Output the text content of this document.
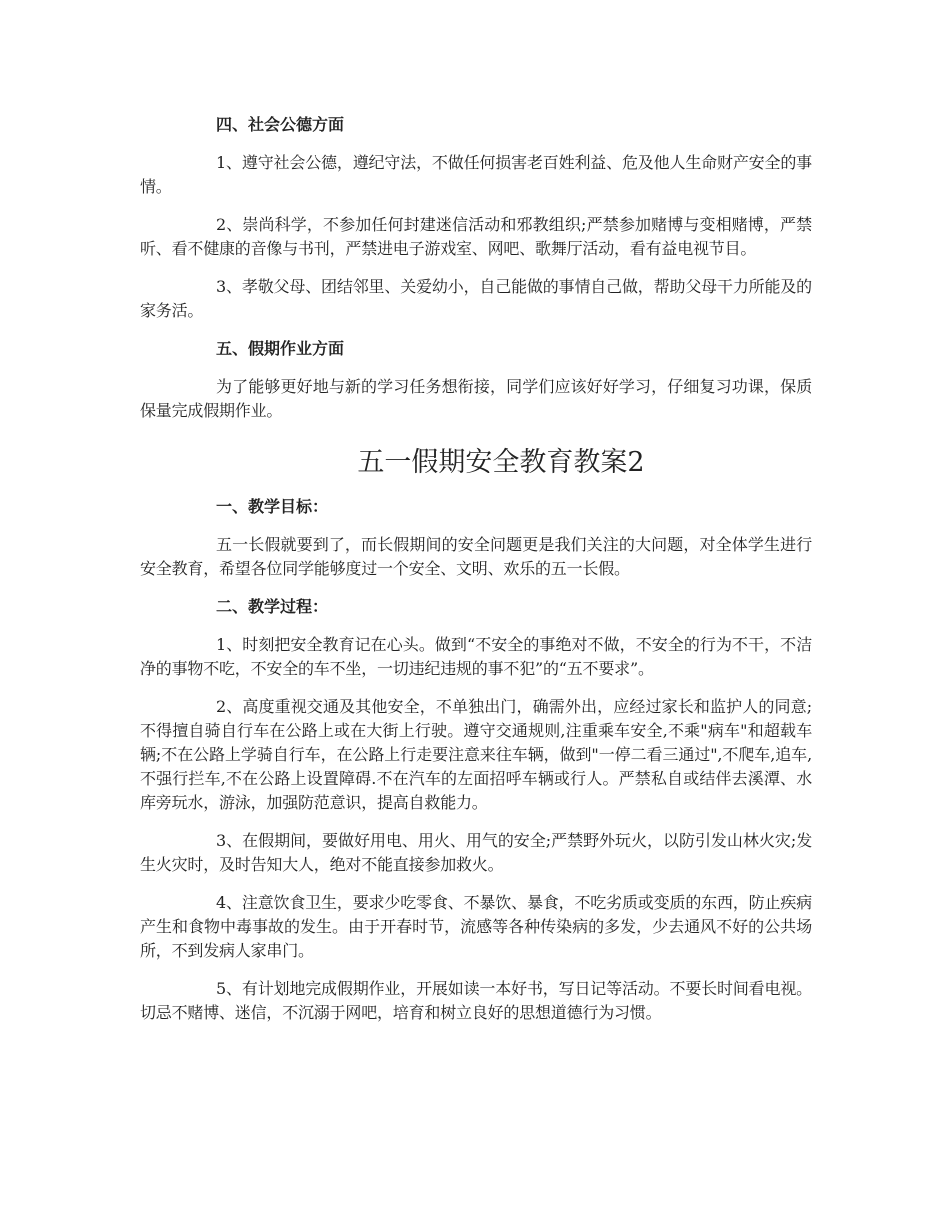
四、社会公德方面

1、遵守社会公德，遵纪守法，不做任何损害老百姓利益、危及他人生命财产安全的事情。

2、崇尚科学，不参加任何封建迷信活动和邪教组织;严禁参加赌博与变相赌博，严禁听、看不健康的音像与书刊，严禁进电子游戏室、网吧、歌舞厅活动，看有益电视节目。

3、孝敬父母、团结邻里、关爱幼小，自己能做的事情自己做，帮助父母干力所能及的家务活。

五、假期作业方面

为了能够更好地与新的学习任务想衔接，同学们应该好好学习，仔细复习功课，保质保量完成假期作业。

五一假期安全教育教案2
一、教学目标：

五一长假就要到了，而长假期间的安全问题更是我们关注的大问题，对全体学生进行安全教育，希望各位同学能够度过一个安全、文明、欢乐的五一长假。

二、教学过程：

1、时刻把安全教育记在心头。做到“不安全的事绝对不做，不安全的行为不干，不洁净的事物不吃，不安全的车不坐，一切违纪违规的事不犯”的“五不要求”。

2、高度重视交通及其他安全，不单独出门，确需外出，应经过家长和监护人的同意;不得擅自骑自行车在公路上或在大街上行驶。遵守交通规则,注重乘车安全,不乘"病车"和超载车辆;不在公路上学骑自行车，在公路上行走要注意来往车辆，做到"一停二看三通过",不爬车,追车,不强行拦车,不在公路上设置障碍.不在汽车的左面招呼车辆或行人。严禁私自或结伴去溪潭、水库旁玩水，游泳，加强防范意识，提高自救能力。

3、在假期间，要做好用电、用火、用气的安全;严禁野外玩火，以防引发山林火灾;发生火灾时，及时告知大人，绝对不能直接参加救火。

4、注意饮食卫生，要求少吃零食、不暴饮、暴食，不吃劣质或变质的东西，防止疾病产生和食物中毒事故的发生。由于开春时节，流感等各种传染病的多发，少去通风不好的公共场所，不到发病人家串门。

5、有计划地完成假期作业，开展如读一本好书，写日记等活动。不要长时间看电视。切忌不赌博、迷信，不沉溺于网吧，培育和树立良好的思想道德行为习惯。
